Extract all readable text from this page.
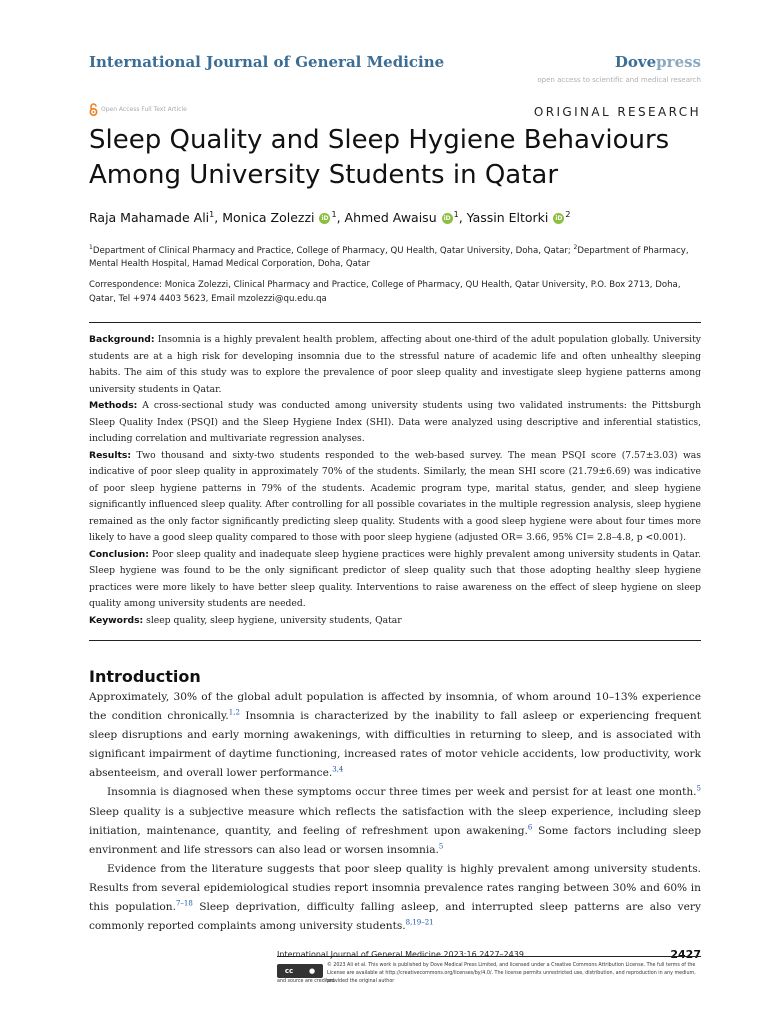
International Journal of General Medicine	Dovepress
open access to scientific and medical research
Open Access Full Text Article	ORIGINAL RESEARCH
Sleep Quality and Sleep Hygiene Behaviours Among University Students in Qatar
Raja Mahamade Ali$^1$, Monica Zolezzi iD $^1$, Ahmed Awaisu iD $^1$, Yassin Eltorki iD $^2$
$^1$Department of Clinical Pharmacy and Practice, College of Pharmacy, QU Health, Qatar University, Doha, Qatar; $^2$Department of Pharmacy, Mental Health Hospital, Hamad Medical Corporation, Doha, Qatar
Correspondence: Monica Zolezzi, Clinical Pharmacy and Practice, College of Pharmacy, QU Health, Qatar University, P.O. Box 2713, Doha, Qatar, Tel +974 4403 5623, Email mzolezzi@qu.edu.qa

Background: Insomnia is a highly prevalent health problem, affecting about one-third of the adult population globally. University students are at a high risk for developing insomnia due to the stressful nature of academic life and often unhealthy sleeping habits. The aim of this study was to explore the prevalence of poor sleep quality and investigate sleep hygiene patterns among university students in Qatar.

Methods: A cross-sectional study was conducted among university students using two validated instruments: the Pittsburgh Sleep Quality Index (PSQI) and the Sleep Hygiene Index (SHI). Data were analyzed using descriptive and inferential statistics, including correlation and multivariate regression analyses.

Results: Two thousand and sixty-two students responded to the web-based survey. The mean PSQI score (7.57±3.03) was indicative of poor sleep quality in approximately 70% of the students. Similarly, the mean SHI score (21.79±6.69) was indicative of poor sleep hygiene patterns in 79% of the students. Academic program type, marital status, gender, and sleep hygiene significantly influenced sleep quality. After controlling for all possible covariates in the multiple regression analysis, sleep hygiene remained as the only factor significantly predicting sleep quality. Students with a good sleep hygiene were about four times more likely to have a good sleep quality compared to those with poor sleep hygiene (adjusted OR= 3.66, 95% CI= 2.8–4.8, p <0.001).

Conclusion: Poor sleep quality and inadequate sleep hygiene practices were highly prevalent among university students in Qatar. Sleep hygiene was found to be the only significant predictor of sleep quality such that those adopting healthy sleep hygiene practices were more likely to have better sleep quality. Interventions to raise awareness on the effect of sleep hygiene on sleep quality among university students are needed.

Keywords: sleep quality, sleep hygiene, university students, Qatar

Introduction

Approximately, 30% of the global adult population is affected by insomnia, of whom around 10–13% experience the condition chronically.$^{1,2}$ Insomnia is characterized by the inability to fall asleep or experiencing frequent sleep disruptions and early morning awakenings, with difficulties in returning to sleep, and is associated with significant impairment of daytime functioning, increased rates of motor vehicle accidents, low productivity, work absenteeism, and overall lower performance.$^{3,4}$

Insomnia is diagnosed when these symptoms occur three times per week and persist for at least one month.$^5$ Sleep quality is a subjective measure which reflects the satisfaction with the sleep experience, including sleep initiation, maintenance, quantity, and feeling of refreshment upon awakening.$^6$ Some factors including sleep environment and life stressors can also lead or worsen insomnia.$^5$

Evidence from the literature suggests that poor sleep quality is highly prevalent among university students. Results from several epidemiological studies report insomnia prevalence rates ranging between 30% and 60% in this population.$^{7-18}$ Sleep deprivation, difficulty falling asleep, and interrupted sleep patterns are also very commonly reported complaints among university students.$^{8,19-21}$

International Journal of General Medicine 2023:16 2427–2439	2427
cc ●
© 2023 Ali et al. This work is published by Dove Medical Press Limited, and licensed under a Creative Commons Attribution License. The full terms of the License are available at http://creativecommons.org/licenses/by/4.0/. The license permits unrestricted use, distribution, and reproduction in any medium, provided the original author
and source are credited.
